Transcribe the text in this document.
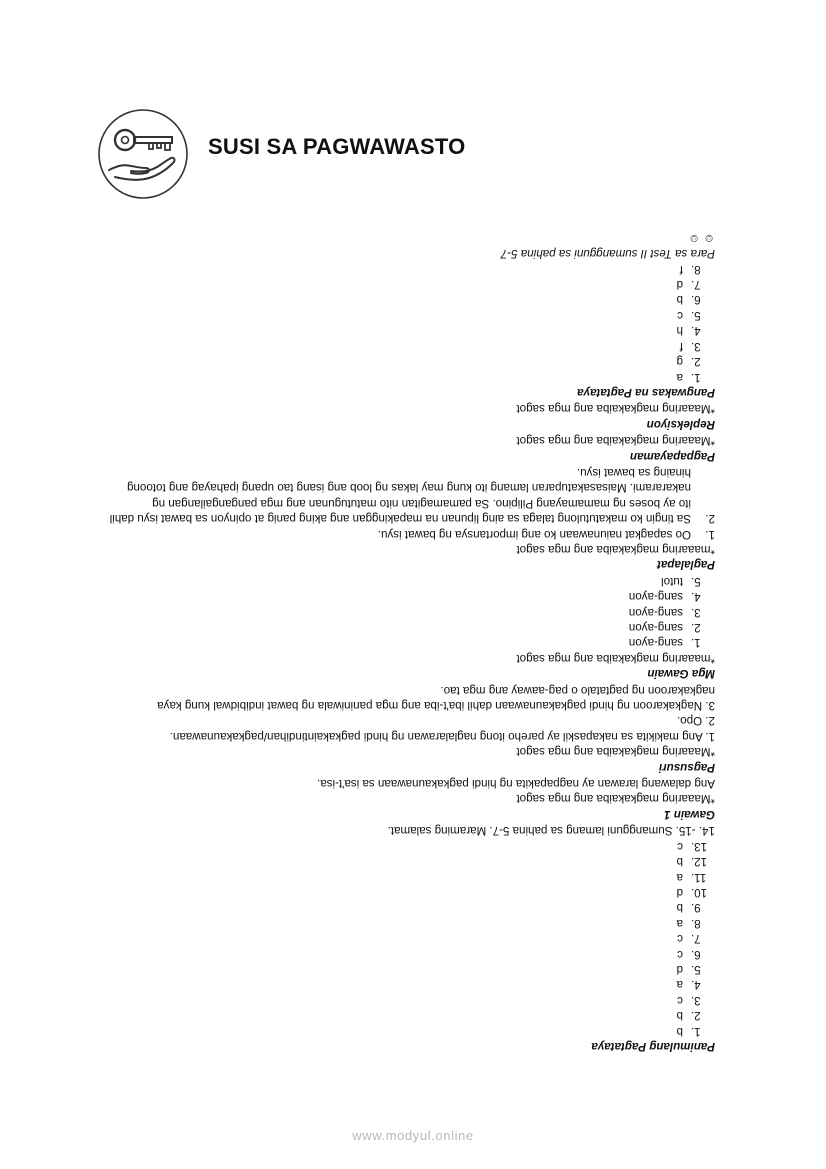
SUSI SA PAGWAWASTO

Panimulang Pagtataya

1.
b
2.
b
3.
c
4.
a
5.
d
6.
c
7.
c
8.
a
9.
b
10.
d
11.
a
12.
b
13.
c

14. -15. Sumangguni lamang sa pahina 5-7. Maraming salamat.

Gawain 1

*Maaaring magkakaiba ang mga sagot

Ang dalawang larawan ay nagpapakita ng hindi pagkakaunawaan sa isa't-isa.

Pagsusuri

*Maaaring magkakaiba ang mga sagot

1. Ang makikita sa nakapaskil ay pareho itong naglalarawan ng hindi pagkakaintindihan/pagkakaunawaan.

2. Opo.

3. Nagkakaroon ng hindi pagkakaunawaan dahil iba't-iba ang mga paniniwala ng bawat indibidwal kung kaya nagkakaroon ng pagtatalo o pag-aaway ang mga tao.

Mga Gawain

*maaaring magkakaiba ang mga sagot

1.
sang-ayon
2.
sang-ayon
3.
sang-ayon
4.
sang-ayon
5.
tutol

Paglalapat

*maaaring magkakaiba ang mga sagot

1.
Oo sapagkat naiunawaan ko ang importansya ng bawat isyu.
2.
Sa tingin ko makatutulong talaga sa aing lipunan na mapakinggan ang aking panig at opinyon sa bawat isyu dahil ito ay boses ng mamamayang Pilipino. Sa pamamagitan nito matutugunan ang mga pangangailangan ng nakararami. Maisasakatuparan lamang ito kung may lakas ng loob ang isang tao upang ipahayag ang totoong hinaing sa bawat isyu.

Pagpapayaman

*Maaaring magkakaiba ang mga sagot

Repleksiyon

*Maaaring magkakaiba ang mga sagot

Pangwakas na Pagtataya

1.
a
2.
g
3.
f
4.
h
5.
c
6.
b
7.
d
8.
f

Para sa Test II sumangguni sa pahina 5-7

☺ ☺

www.modyul.online
